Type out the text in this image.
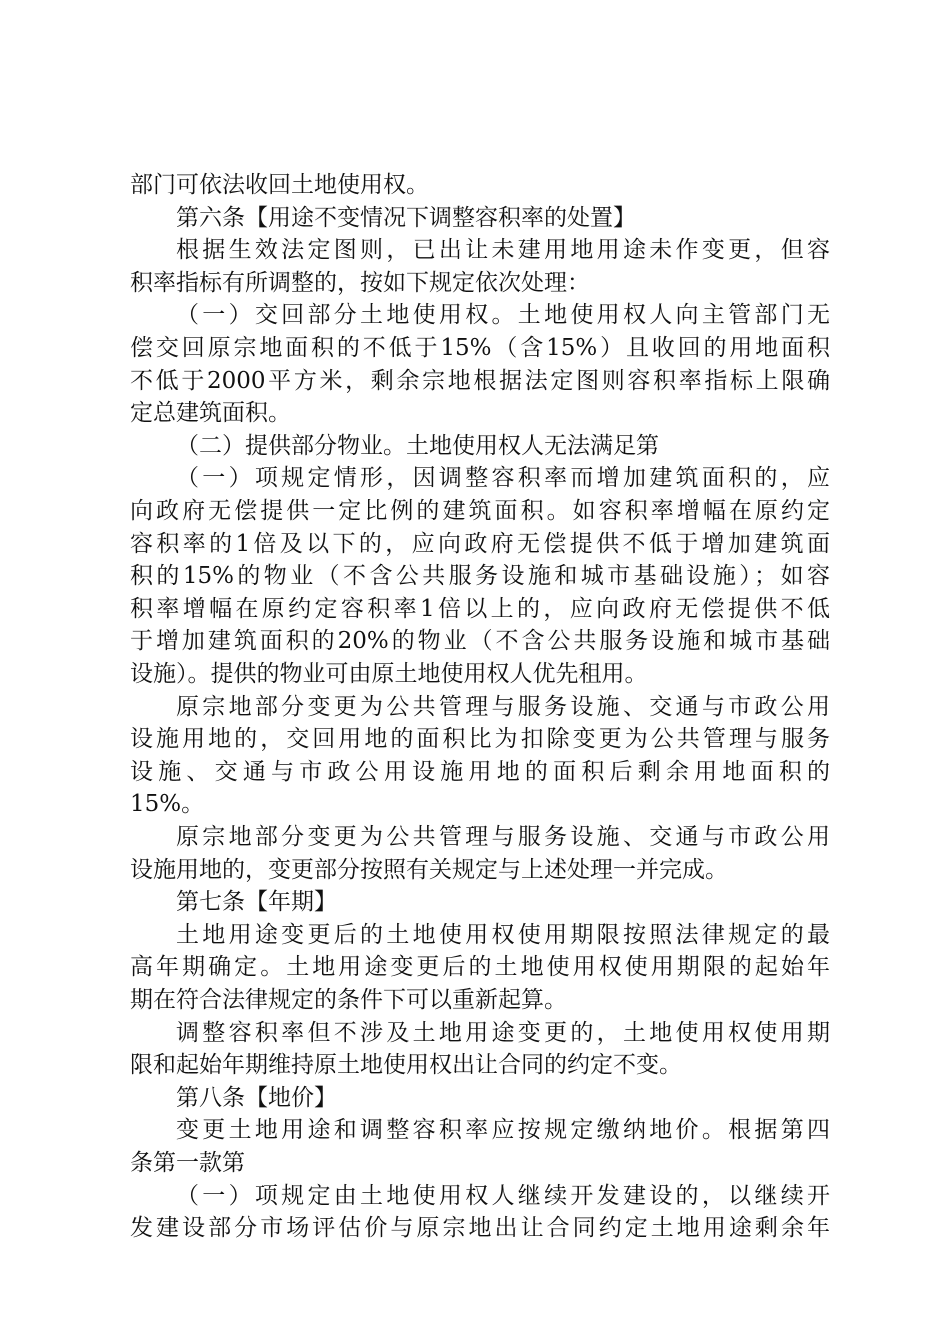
部门可依法收回土地使用权。
第六条【用途不变情况下调整容积率的处置】
根据生效法定图则，已出让未建用地用途未作变更，但容
积率指标有所调整的，按如下规定依次处理：
（一）交回部分土地使用权。土地使用权人向主管部门无
偿交回原宗地面积的不低于15%（含15%）且收回的用地面积
不低于2000平方米，剩余宗地根据法定图则容积率指标上限确
定总建筑面积。
（二）提供部分物业。土地使用权人无法满足第
（一）项规定情形，因调整容积率而增加建筑面积的，应
向政府无偿提供一定比例的建筑面积。如容积率增幅在原约定
容积率的1倍及以下的，应向政府无偿提供不低于增加建筑面
积的15%的物业（不含公共服务设施和城市基础设施）；如容
积率增幅在原约定容积率1倍以上的，应向政府无偿提供不低
于增加建筑面积的20%的物业（不含公共服务设施和城市基础
设施）。提供的物业可由原土地使用权人优先租用。
原宗地部分变更为公共管理与服务设施、交通与市政公用
设施用地的，交回用地的面积比为扣除变更为公共管理与服务
设施、交通与市政公用设施用地的面积后剩余用地面积的
15%。
原宗地部分变更为公共管理与服务设施、交通与市政公用
设施用地的，变更部分按照有关规定与上述处理一并完成。
第七条【年期】
土地用途变更后的土地使用权使用期限按照法律规定的最
高年期确定。土地用途变更后的土地使用权使用期限的起始年
期在符合法律规定的条件下可以重新起算。
调整容积率但不涉及土地用途变更的，土地使用权使用期
限和起始年期维持原土地使用权出让合同的约定不变。
第八条【地价】
变更土地用途和调整容积率应按规定缴纳地价。根据第四
条第一款第
（一）项规定由土地使用权人继续开发建设的，以继续开
发建设部分市场评估价与原宗地出让合同约定土地用途剩余年
